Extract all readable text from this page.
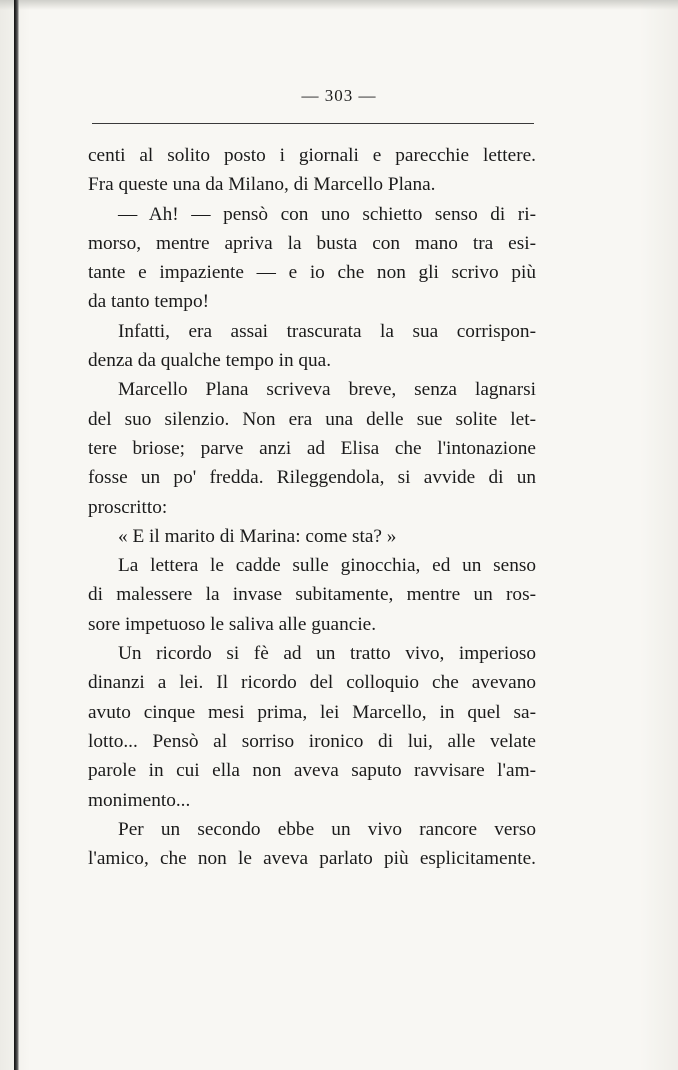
— 303 —
centi al solito posto i giornali e parecchie lettere.
Fra queste una da Milano, di Marcello Plana.
— Ah! — pensò con uno schietto senso di ri-
morso, mentre apriva la busta con mano tra esi-
tante e impaziente — e io che non gli scrivo più
da tanto tempo!
Infatti, era assai trascurata la sua corrispon-
denza da qualche tempo in qua.
Marcello Plana scriveva breve, senza lagnarsi
del suo silenzio. Non era una delle sue solite let-
tere briose; parve anzi ad Elisa che l'intonazione
fosse un po' fredda. Rileggendola, si avvide di un
proscritto:
« E il marito di Marina: come sta? »
La lettera le cadde sulle ginocchia, ed un senso
di malessere la invase subitamente, mentre un ros-
sore impetuoso le saliva alle guancie.
Un ricordo si fè ad un tratto vivo, imperioso
dinanzi a lei. Il ricordo del colloquio che avevano
avuto cinque mesi prima, lei Marcello, in quel sa-
lotto... Pensò al sorriso ironico di lui, alle velate
parole in cui ella non aveva saputo ravvisare l'am-
monimento...
Per un secondo ebbe un vivo rancore verso
l'amico, che non le aveva parlato più esplicitamente.
